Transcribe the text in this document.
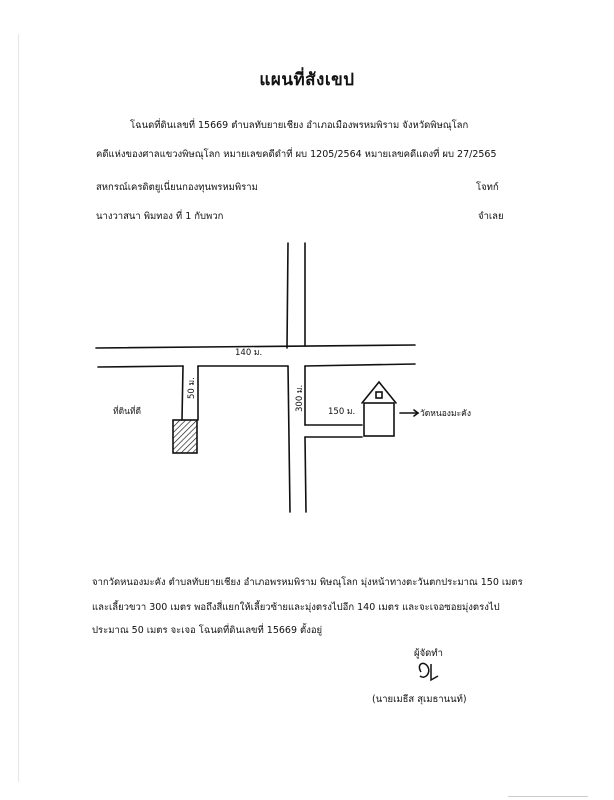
แผนที่สังเขป
โฉนดที่ดินเลขที่ 15669 ตำบลทับยายเชียง อำเภอเมืองพรหมพิราม จังหวัดพิษณุโลก
คดีแห่งของศาลแขวงพิษณุโลก หมายเลขคดีดำที่ ผบ 1205/2564 หมายเลขคดีแดงที่ ผบ 27/2565
สหกรณ์เครดิตยูเนี่ยนกองทุนพรหมพิราม	โจทก์
นางวาสนา พิมทอง ที่ 1 กับพวก	จำเลย
140 ม.
50 ม.	300 ม.	150 ม.
ที่ดินที่ดี	วัดหนองมะคัง
จากวัดหนองมะคัง ตำบลทับยายเชียง อำเภอพรหมพิราม พิษณุโลก มุ่งหน้าทางตะวันตกประมาณ 150 เมตร
และเลี้ยวขวา 300 เมตร พอถึงสี่แยกให้เลี้ยวซ้ายและมุ่งตรงไปอีก 140 เมตร และจะเจอซอยมุ่งตรงไป
ประมาณ 50 เมตร จะเจอ โฉนดที่ดินเลขที่ 15669 ตั้งอยู่
ผู้จัดทำ
(นายเมธีส สุเมธานนท์)
